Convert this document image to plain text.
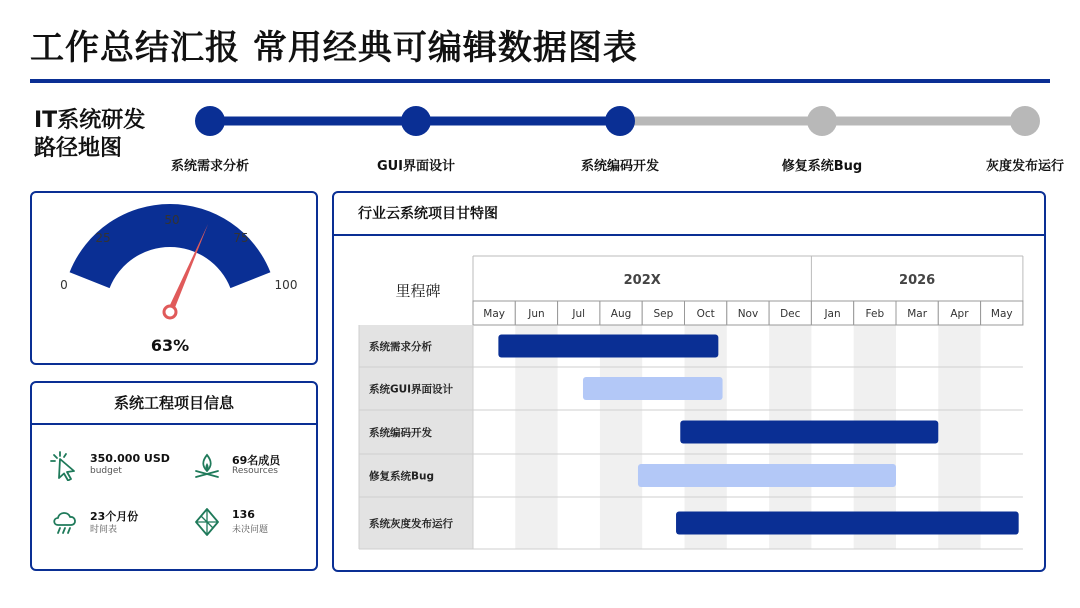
工作总结汇报 常用经典可编辑数据图表
IT系统研发
路径地图
系统需求分析	GUI界面设计	系统编码开发	修复系统Bug	灰度发布运行
0
25
50
75
100
63%
系统工程项目信息
350.000 USD
budget
69名成员
Resources
23个月份
时间表
136
未决问题
行业云系统项目甘特图
202X	2026
里程碑
May Jun	Jul Aug Sep Oct Nov Dec Jan Feb Mar Apr May
系统需求分析
系统GUI界面设计
系统编码开发
修复系统Bug
系统灰度发布运行
